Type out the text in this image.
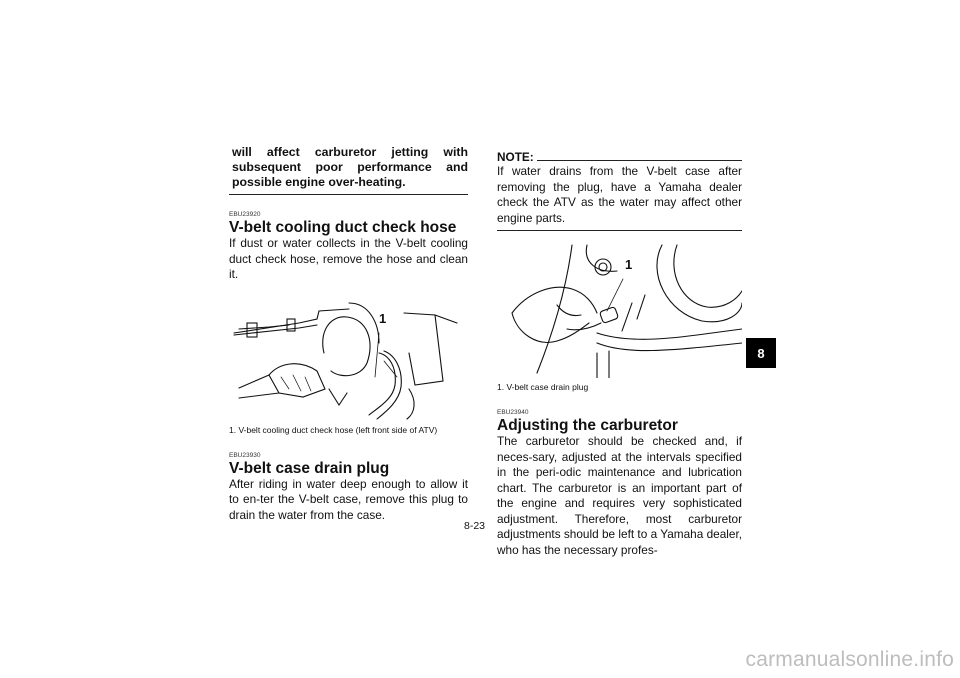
will affect carburetor jetting with subsequent poor performance and possible engine over-heating.

EBU23920

V-belt cooling duct check hose

If dust or water collects in the V-belt cooling duct check hose, remove the hose and clean it.

1

1. V-belt cooling duct check hose (left front side of ATV)

EBU23930

V-belt case drain plug

After riding in water deep enough to allow it to en-ter the V-belt case, remove this plug to drain the water from the case.

NOTE:

If water drains from the V-belt case after removing the plug, have a Yamaha dealer check the ATV as the water may affect other engine parts.

1

1. V-belt case drain plug

EBU23940

Adjusting the carburetor

The carburetor should be checked and, if neces-sary, adjusted at the intervals specified in the peri-odic maintenance and lubrication chart. The carburetor is an important part of the engine and requires very sophisticated adjustment. Therefore, most carburetor adjustments should be left to a Yamaha dealer, who has the necessary profes-

8
8-23
carmanualsonline.info
